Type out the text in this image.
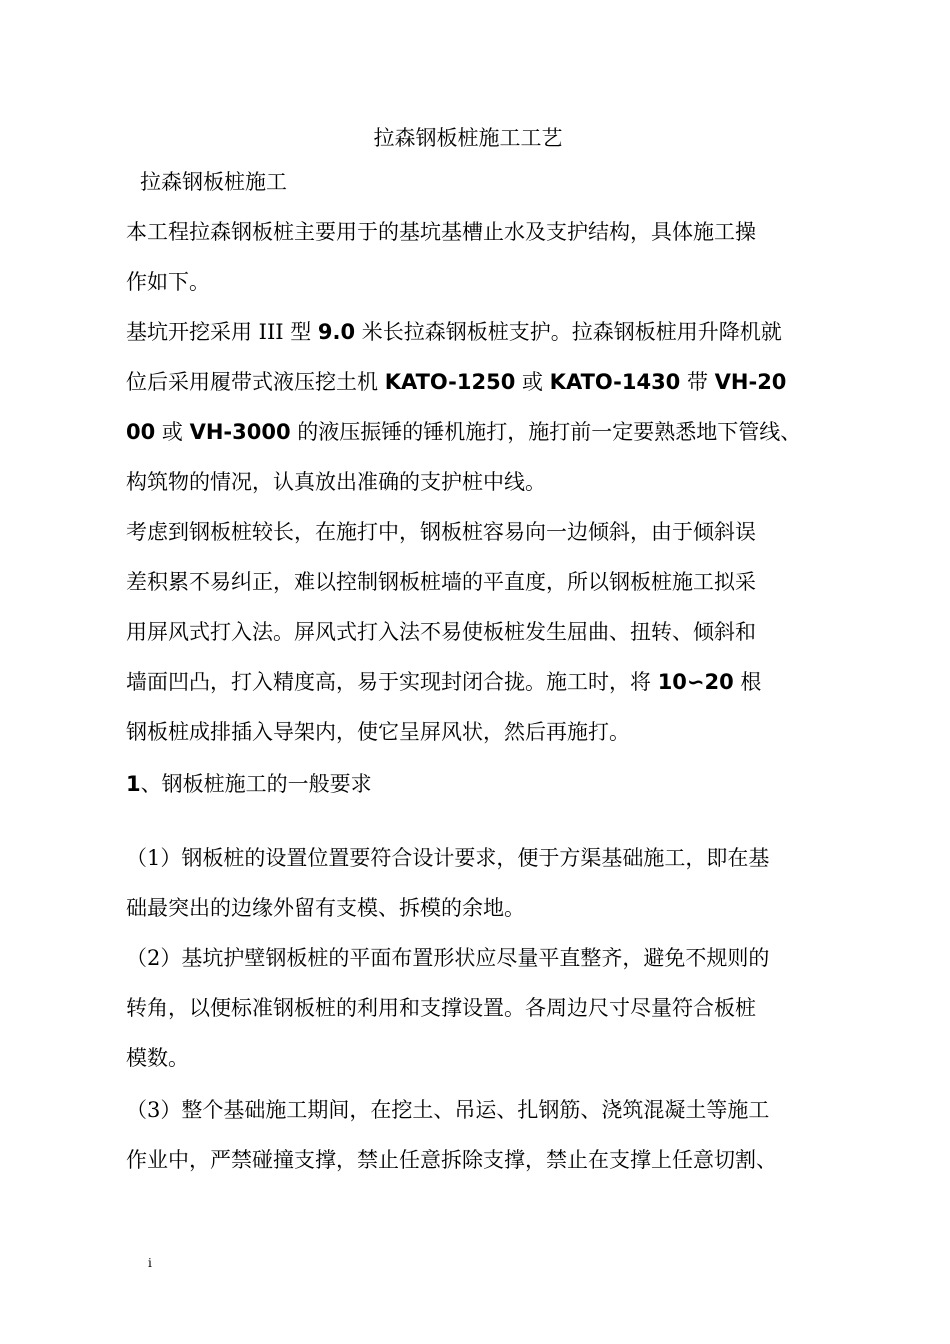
拉森钢板桩施工工艺
拉森钢板桩施工
本工程拉森钢板桩主要用于的基坑基槽止水及支护结构，具体施工操
作如下。
基坑开挖采用 III 型 9.0 米长拉森钢板桩支护。拉森钢板桩用升降机就
位后采用履带式液压挖土机 KATO-1250 或 KATO-1430 带 VH-20
00 或 VH-3000 的液压振锤的锤机施打，施打前一定要熟悉地下管线、
构筑物的情况，认真放出准确的支护桩中线。
考虑到钢板桩较长，在施打中，钢板桩容易向一边倾斜，由于倾斜误
差积累不易纠正，难以控制钢板桩墙的平直度，所以钢板桩施工拟采
用屏风式打入法。屏风式打入法不易使板桩发生屈曲、扭转、倾斜和
墙面凹凸，打入精度高，易于实现封闭合拢。施工时，将 10∽20 根
钢板桩成排插入导架内，使它呈屏风状，然后再施打。
1、钢板桩施工的一般要求
（1）钢板桩的设置位置要符合设计要求，便于方渠基础施工，即在基
础最突出的边缘外留有支模、拆模的余地。
（2）基坑护壁钢板桩的平面布置形状应尽量平直整齐，避免不规则的
转角，以便标准钢板桩的利用和支撑设置。各周边尺寸尽量符合板桩
模数。
（3）整个基础施工期间，在挖土、吊运、扎钢筋、浇筑混凝土等施工
作业中，严禁碰撞支撑，禁止任意拆除支撑，禁止在支撑上任意切割、
i
